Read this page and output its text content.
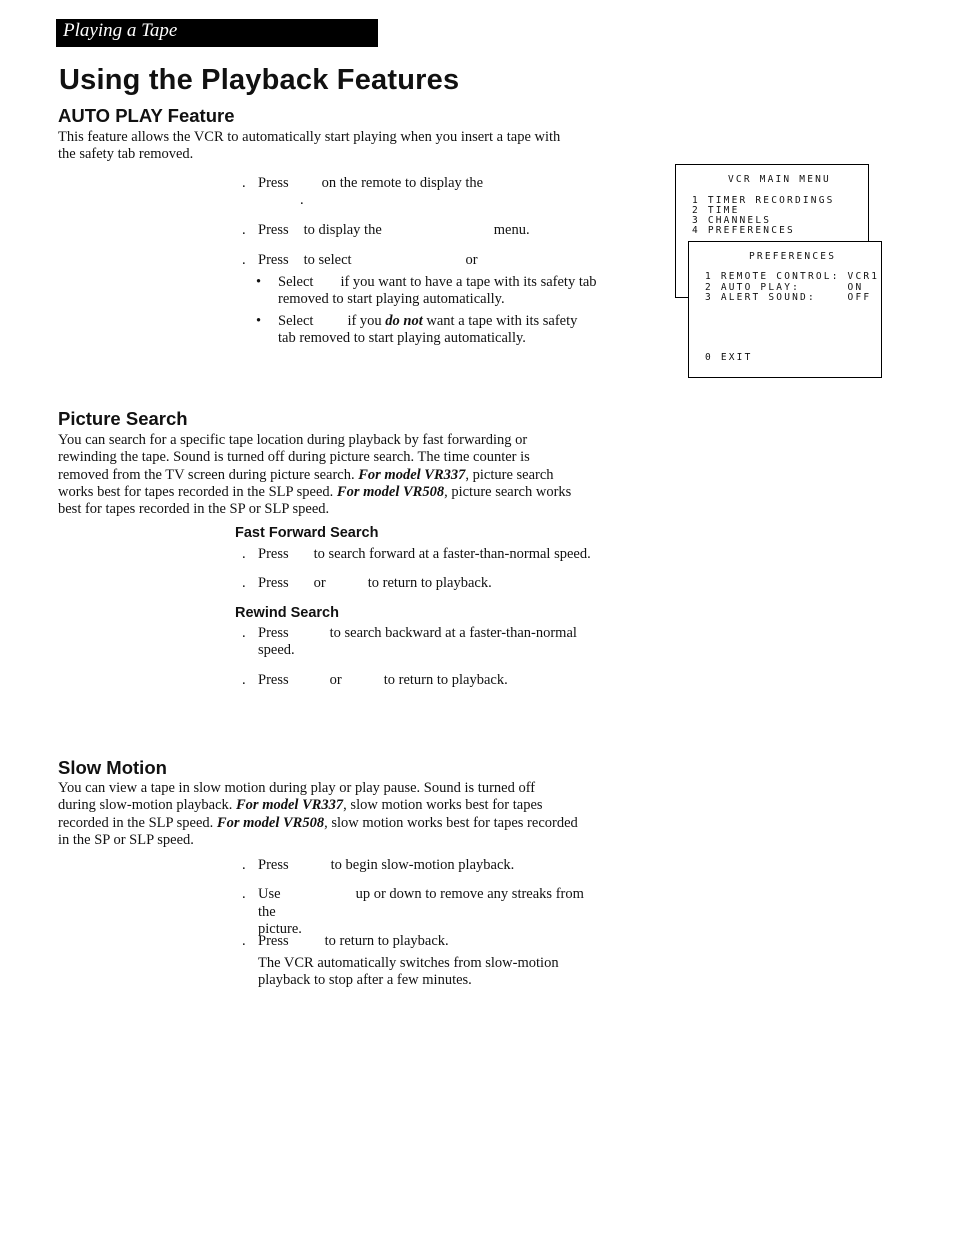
Playing a Tape
Using the Playback Features
AUTO PLAY Feature
This feature allows the VCR to automatically start playing when you insert a tape with
the safety tab removed.
. Press on the remote to display the
.
. Press to display the	menu.
. Press to select	or
• Select if you want to have a tape with its safety tab
removed to start playing automatically.
• Select if you do not want a tape with its safety
tab removed to start playing automatically.
VCR MAIN MENU
1 TIMER RECORDINGS
2 TIME
3 CHANNELS
4 PREFERENCES
PREFERENCES
1 REMOTE CONTROL: VCR1
2 AUTO PLAY:      ON
3 ALERT SOUND:    OFF
0 EXIT
Picture Search
You can search for a specific tape location during playback by fast forwarding or
rewinding the tape. Sound is turned off during picture search. The time counter is
removed from the TV screen during picture search. For model VR337, picture search
works best for tapes recorded in the SLP speed. For model VR508, picture search works
best for tapes recorded in the SP or SLP speed.
Fast Forward Search
. Press to search forward at a faster-than-normal speed.
. Press or	to return to playback.
Rewind Search
. Press	to search backward at a faster-than-normal
speed.
. Press	or	to return to playback.
Slow Motion
You can view a tape in slow motion during play or play pause. Sound is turned off
during slow-motion playback. For model VR337, slow motion works best for tapes
recorded in the SLP speed. For model VR508, slow motion works best for tapes recorded
in the SP or SLP speed.
. Press	to begin slow-motion playback.
. Use	up or down to remove any streaks from
the picture.
. Press to return to playback.
The VCR automatically switches from slow-motion
playback to stop after a few minutes.
